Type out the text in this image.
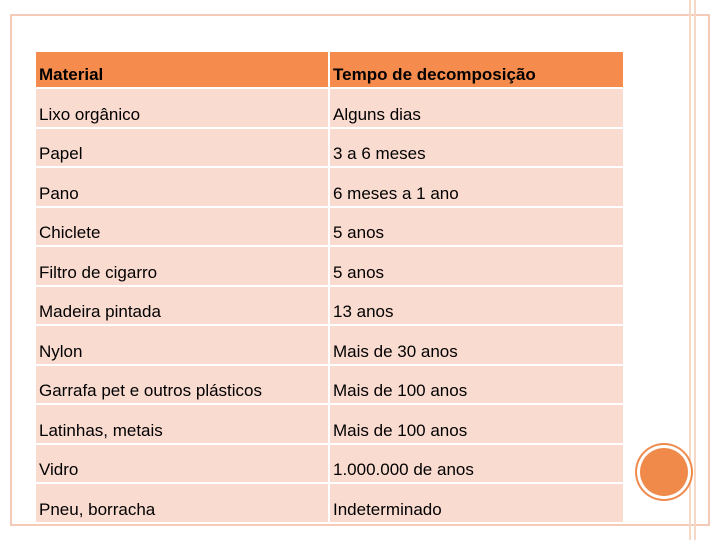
Material	Tempo de decomposição
Lixo orgânico	Alguns dias
Papel	3 a 6 meses
Pano	6 meses a 1 ano
Chiclete	5 anos
Filtro de cigarro	5 anos
Madeira pintada	13 anos
Nylon	Mais de 30 anos
Garrafa pet e outros plásticos	Mais de 100 anos
Latinhas, metais	Mais de 100 anos
Vidro	1.000.000 de anos
Pneu, borracha	Indeterminado
